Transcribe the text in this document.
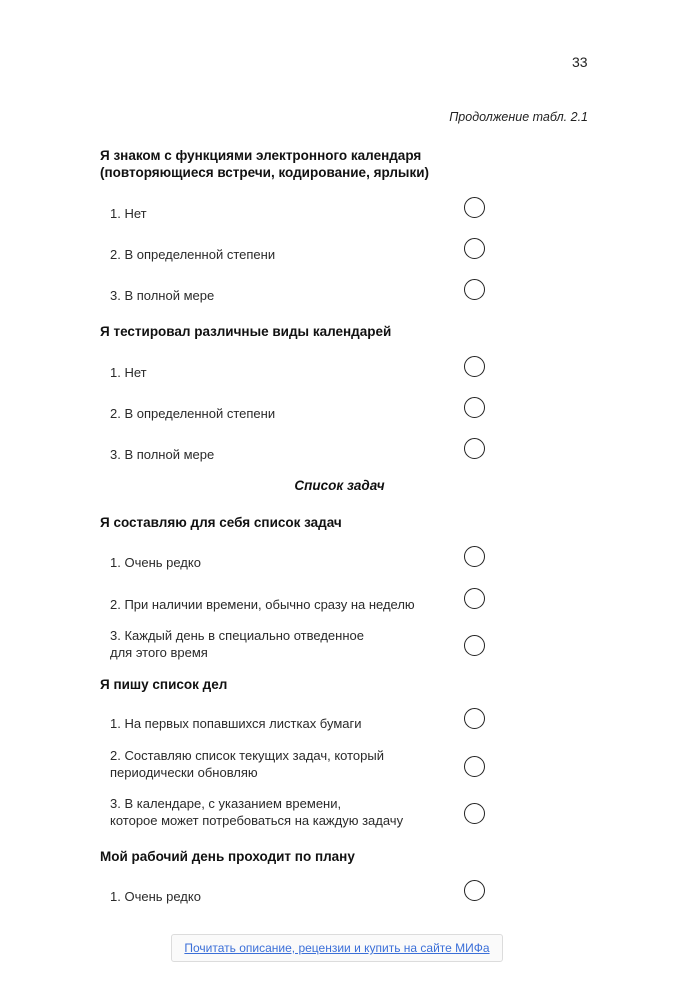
33
Продолжение табл. 2.1
Я знаком с функциями электронного календаря
(повторяющиеся встречи, кодирование, ярлыки)
1. Нет
2. В определенной степени
3. В полной мере
Я тестировал различные виды календарей
1. Нет
2. В определенной степени
3. В полной мере
Список задач
Я составляю для себя список задач
1. Очень редко
2. При наличии времени, обычно сразу на неделю
3. Каждый день в специально отведенное
для этого время
Я пишу список дел
1. На первых попавшихся листках бумаги
2. Составляю список текущих задач, который
периодически обновляю
3. В календаре, с указанием времени,
которое может потребоваться на каждую задачу
Мой рабочий день проходит по плану
1. Очень редко
Почитать описание, рецензии и купить на сайте МИФа
